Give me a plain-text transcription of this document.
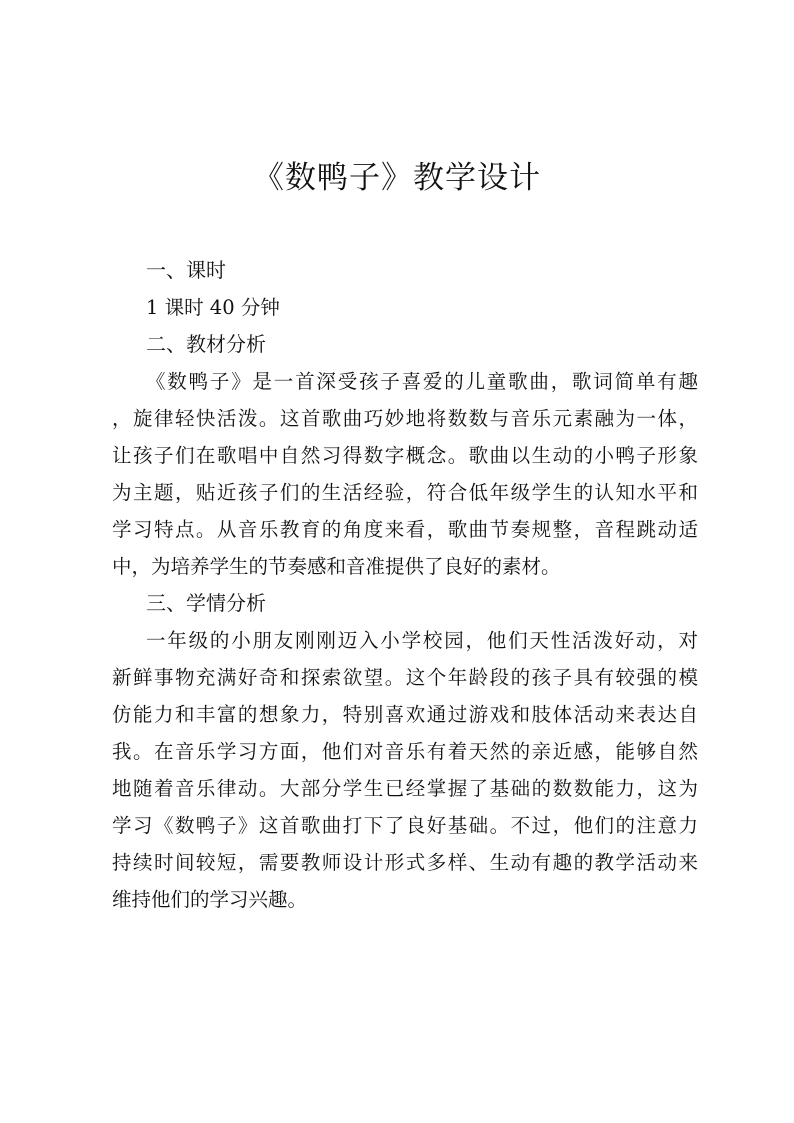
《数鸭子》教学设计
一、课时

1 课时 40 分钟

二、教材分析

《数鸭子》是一首深受孩子喜爱的儿童歌曲，歌词简单有趣

，旋律轻快活泼。这首歌曲巧妙地将数数与音乐元素融为一体，

让孩子们在歌唱中自然习得数字概念。歌曲以生动的小鸭子形象

为主题，贴近孩子们的生活经验，符合低年级学生的认知水平和

学习特点。从音乐教育的角度来看，歌曲节奏规整，音程跳动适

中，为培养学生的节奏感和音准提供了良好的素材。

三、学情分析

一年级的小朋友刚刚迈入小学校园，他们天性活泼好动，对

新鲜事物充满好奇和探索欲望。这个年龄段的孩子具有较强的模

仿能力和丰富的想象力，特别喜欢通过游戏和肢体活动来表达自

我。在音乐学习方面，他们对音乐有着天然的亲近感，能够自然

地随着音乐律动。大部分学生已经掌握了基础的数数能力，这为

学习《数鸭子》这首歌曲打下了良好基础。不过，他们的注意力

持续时间较短，需要教师设计形式多样、生动有趣的教学活动来

维持他们的学习兴趣。
